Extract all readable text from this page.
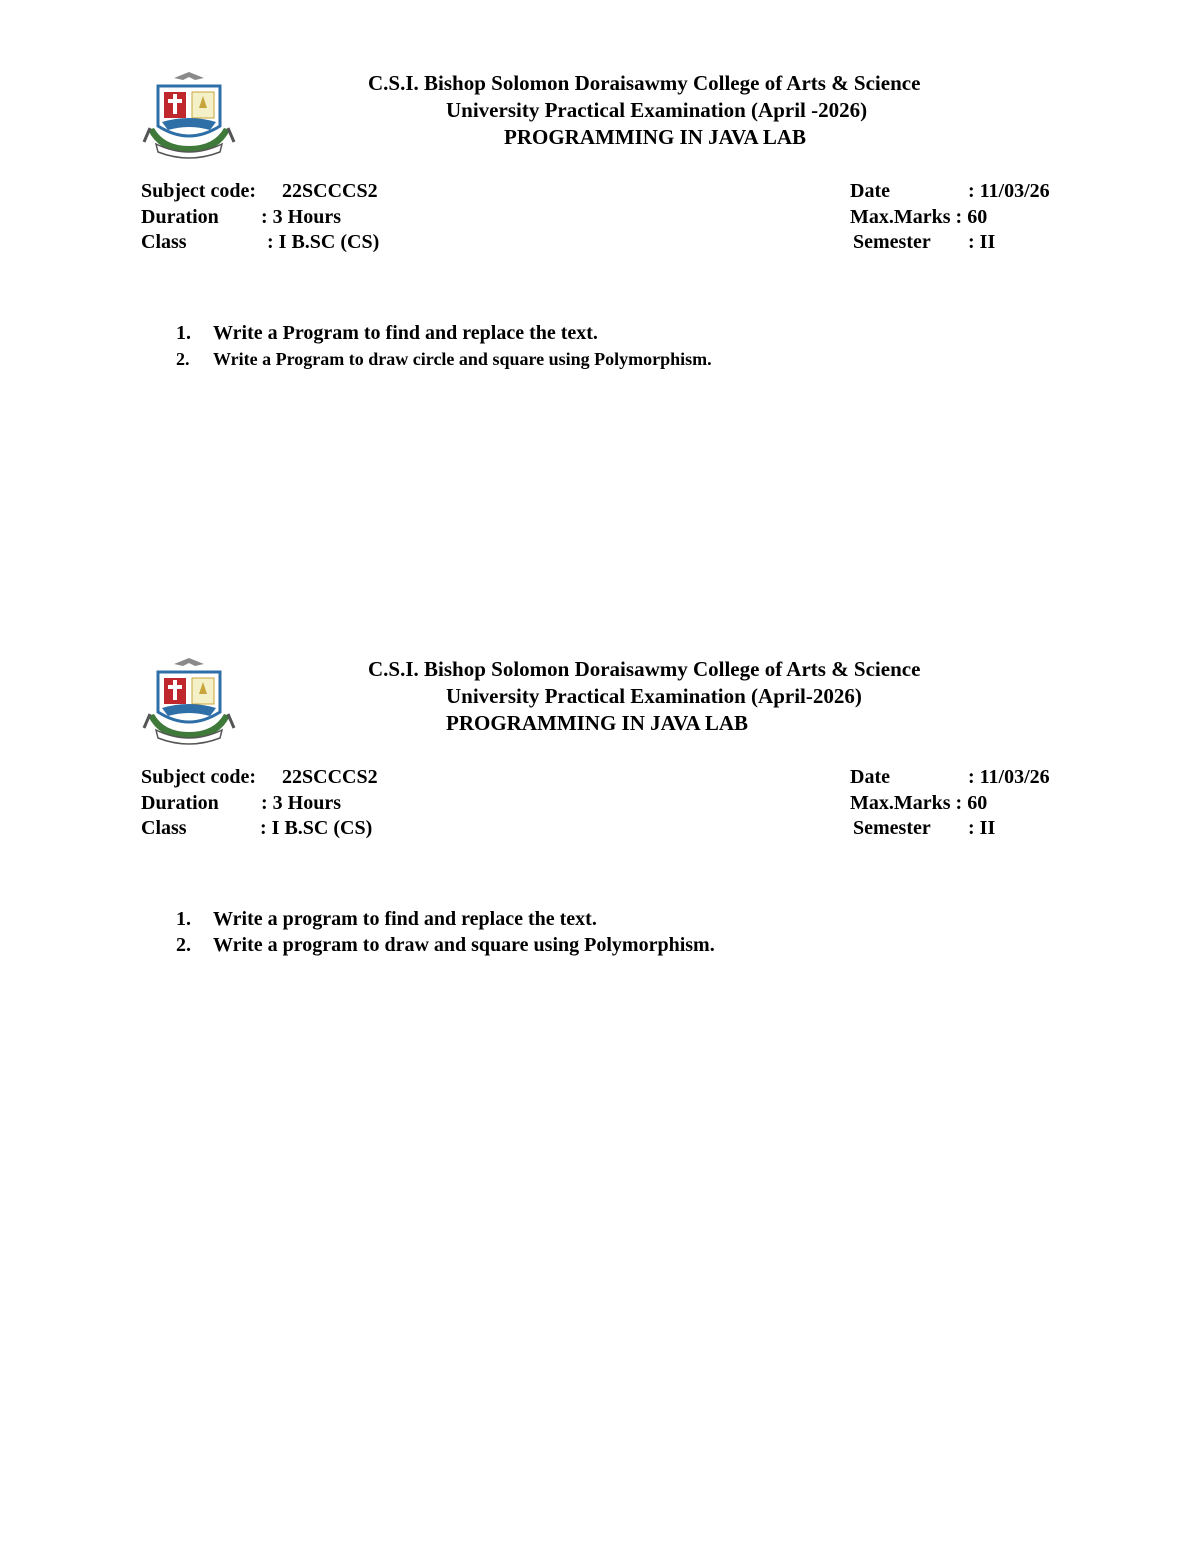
C.S.I. Bishop Solomon Doraisawmy College of Arts & Science
University Practical Examination (April -2026)
PROGRAMMING IN JAVA LAB
Subject code: 22SCCCS2
Duration : 3 Hours
Class	: I B.SC (CS)
Date	: 11/03/26
Max.Marks : 60
Semester : II
1. Write a Program to find and replace the text.
2. Write a Program to draw circle and square using Polymorphism.
C.S.I. Bishop Solomon Doraisawmy College of Arts & Science
University Practical Examination (April-2026)
PROGRAMMING IN JAVA LAB
Subject code: 22SCCCS2
Duration : 3 Hours
Class	: I B.SC (CS)
Date	: 11/03/26
Max.Marks : 60
Semester : II
1. Write a program to find and replace the text.
2. Write a program to draw and square using Polymorphism.
